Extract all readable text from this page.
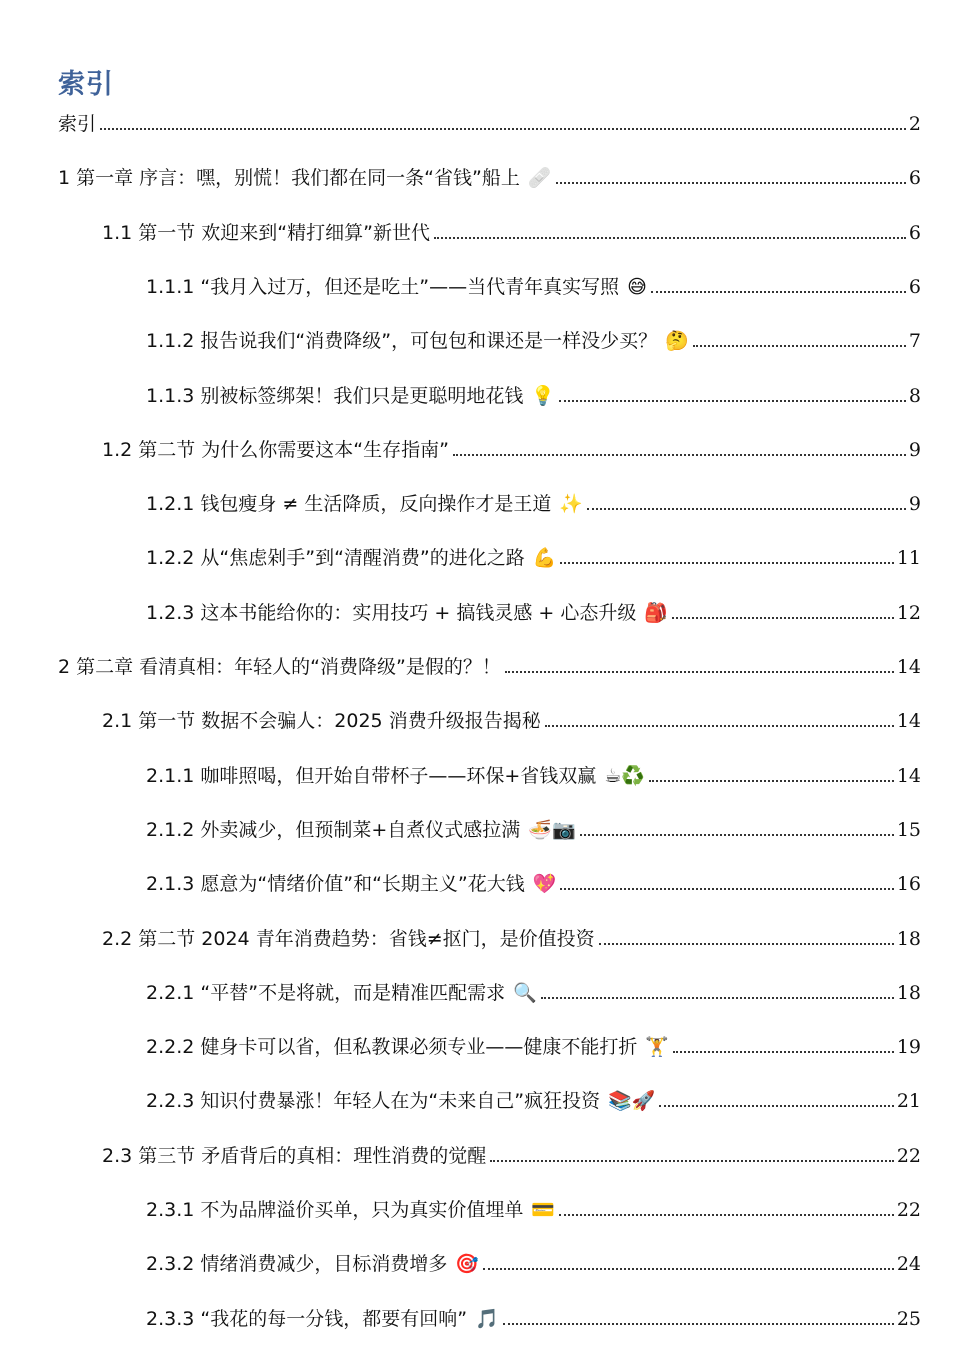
索引
索引	2
1 第一章 序言：嘿，别慌！我们都在同一条“省钱”船上 🩹	6
1.1 第一节 欢迎来到“精打细算”新世代	6
1.1.1 “我月入过万，但还是吃土”——当代青年真实写照 😅	6
1.1.2 报告说我们“消费降级”，可包包和课还是一样没少买？ 🤔	7
1.1.3 别被标签绑架！我们只是更聪明地花钱 💡	8
1.2 第二节 为什么你需要这本“生存指南”	9
1.2.1 钱包瘦身 ≠ 生活降质，反向操作才是王道 ✨	9
1.2.2 从“焦虑剁手”到“清醒消费”的进化之路 💪	11
1.2.3 这本书能给你的：实用技巧 + 搞钱灵感 + 心态升级 🎒	12
2 第二章 看清真相：年轻人的“消费降级”是假的？！	14
2.1 第一节 数据不会骗人：2025 消费升级报告揭秘	14
2.1.1 咖啡照喝，但开始自带杯子——环保+省钱双赢 ☕♻️	14
2.1.2 外卖减少，但预制菜+自煮仪式感拉满 🍜📷	15
2.1.3 愿意为“情绪价值”和“长期主义”花大钱 💖	16
2.2 第二节 2024 青年消费趋势：省钱≠抠门，是价值投资	18
2.2.1 “平替”不是将就，而是精准匹配需求 🔍	18
2.2.2 健身卡可以省，但私教课必须专业——健康不能打折 🏋	19
2.2.3 知识付费暴涨！年轻人在为“未来自己”疯狂投资 📚🚀	21
2.3 第三节 矛盾背后的真相：理性消费的觉醒	22
2.3.1 不为品牌溢价买单，只为真实价值埋单 💳	22
2.3.2 情绪消费减少，目标消费增多 🎯	24
2.3.3 “我花的每一分钱，都要有回响” 🎵	25
